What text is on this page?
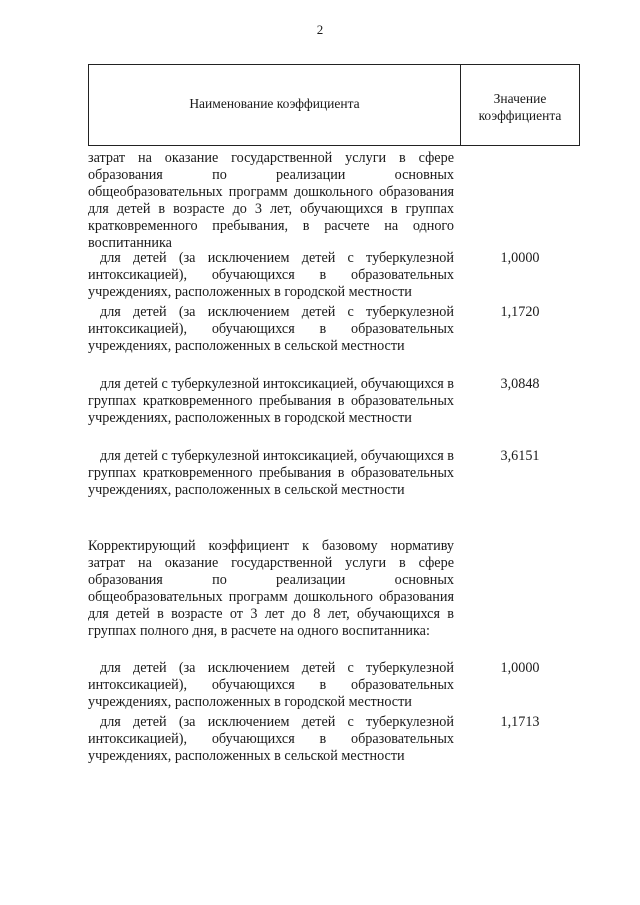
2
Наименование коэффициента	Значение
коэффициента
затрат на оказание государственной услуги в сфере образования по реализации основных общеобразовательных программ дошкольного образования для детей в возрасте до 3 лет, обучающихся в группах кратковременного пребывания, в расчете на одного воспитанника
для детей (за исключением детей с туберкулезной интоксикацией), обучающихся в образовательных учреждениях, расположенных в городской местности
1,0000
для детей (за исключением детей с туберкулезной интоксикацией), обучающихся в образовательных учреждениях, расположенных в сельской местности
1,1720
для детей с туберкулезной интоксикацией, обучающихся в группах кратковременного пребывания в образовательных учреждениях, расположенных в городской местности
3,0848
для детей с туберкулезной интоксикацией, обучающихся в группах кратковременного пребывания в образовательных учреждениях, расположенных в сельской местности
3,6151
Корректирующий коэффициент к базовому нормативу затрат на оказание государственной услуги в сфере образования по реализации основных общеобразовательных программ дошкольного образования для детей в возрасте от 3 лет до 8 лет, обучающихся в группах полного дня, в расчете на одного воспитанника:
для детей (за исключением детей с туберкулезной интоксикацией), обучающихся в образовательных учреждениях, расположенных в городской местности
1,0000
для детей (за исключением детей с туберкулезной интоксикацией), обучающихся в образовательных учреждениях, расположенных в сельской местности
1,1713
